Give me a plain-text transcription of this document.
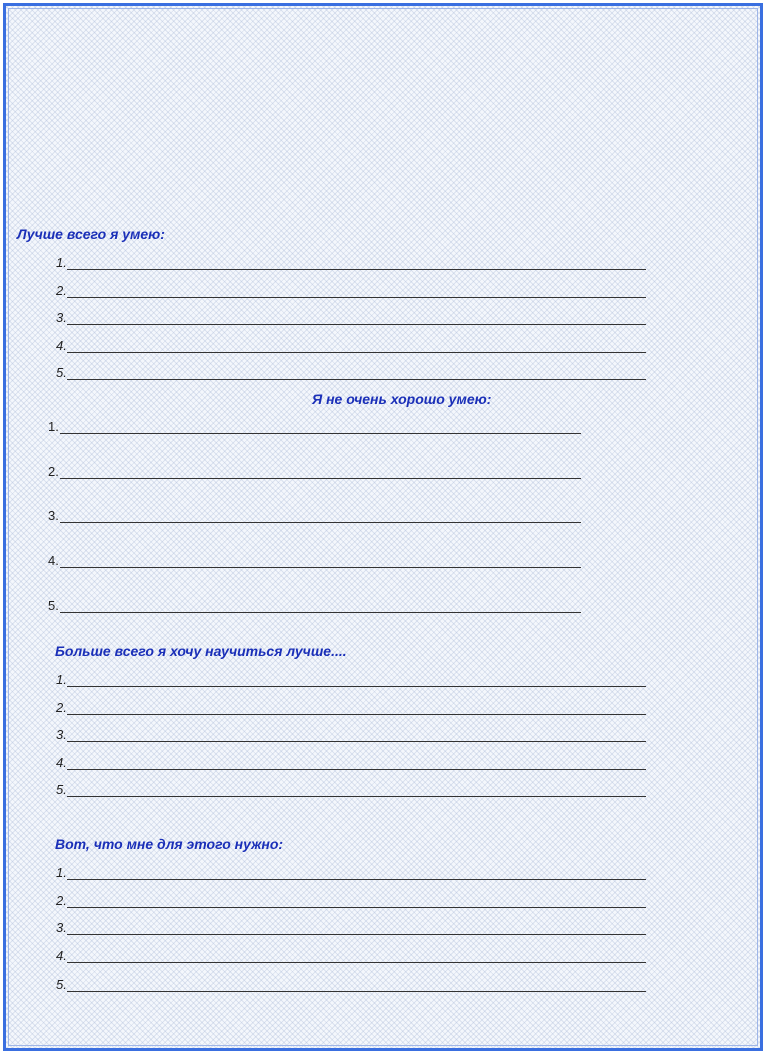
Лучше всего я умею:
1.
2.
3.
4.
5.
Я не очень хорошо умею:
1.
2.
3.
4.
5.
Больше всего я хочу научиться лучше....
1.
2.
3.
4.
5.
Вот, что мне для этого нужно:
1.
2.
3.
4.
5.
